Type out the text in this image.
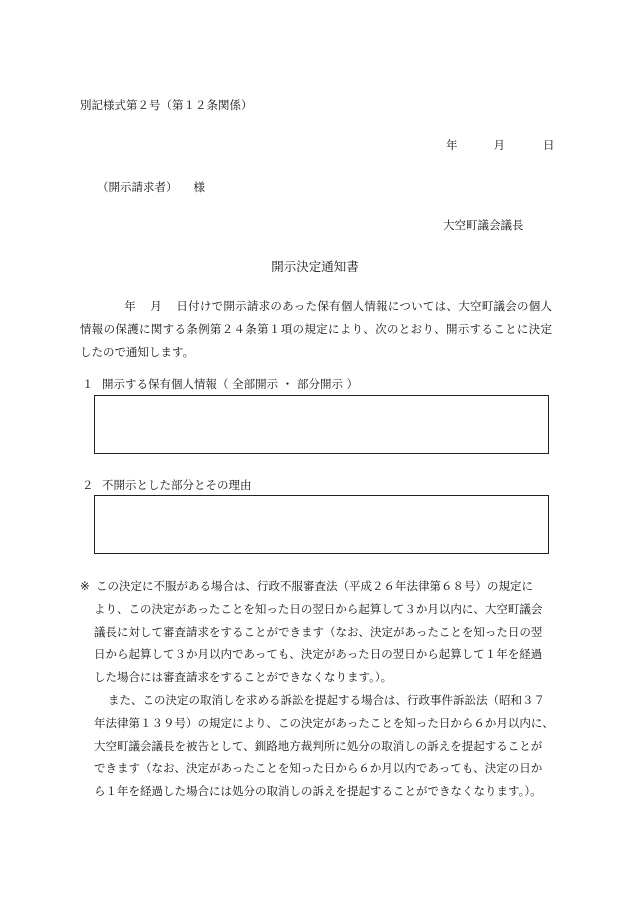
別記様式第２号（第１２条関係）
年	月	日
（開示請求者） 様
大空町議会議長
開示決定通知書
年 月 日付けで開示請求のあった保有個人情報については、大空町議会の個人
情報の保護に関する条例第２４条第１項の規定により、次のとおり、開示することに決定
したので通知します。
１ 開示する保有個人情報（ 全部開示 ・ 部分開示 ）
２ 不開示とした部分とその理由
※ この決定に不服がある場合は、行政不服審査法（平成２６年法律第６８号）の規定に
より、この決定があったことを知った日の翌日から起算して３か月以内に、大空町議会
議長に対して審査請求をすることができます（なお、決定があったことを知った日の翌
日から起算して３か月以内であっても、決定があった日の翌日から起算して１年を経過
した場合には審査請求をすることができなくなります。）。
また、この決定の取消しを求める訴訟を提起する場合は、行政事件訴訟法（昭和３７
年法律第１３９号）の規定により、この決定があったことを知った日から６か月以内に、
大空町議会議長を被告として、釧路地方裁判所に処分の取消しの訴えを提起することが
できます（なお、決定があったことを知った日から６か月以内であっても、決定の日か
ら１年を経過した場合には処分の取消しの訴えを提起することができなくなります。）。
